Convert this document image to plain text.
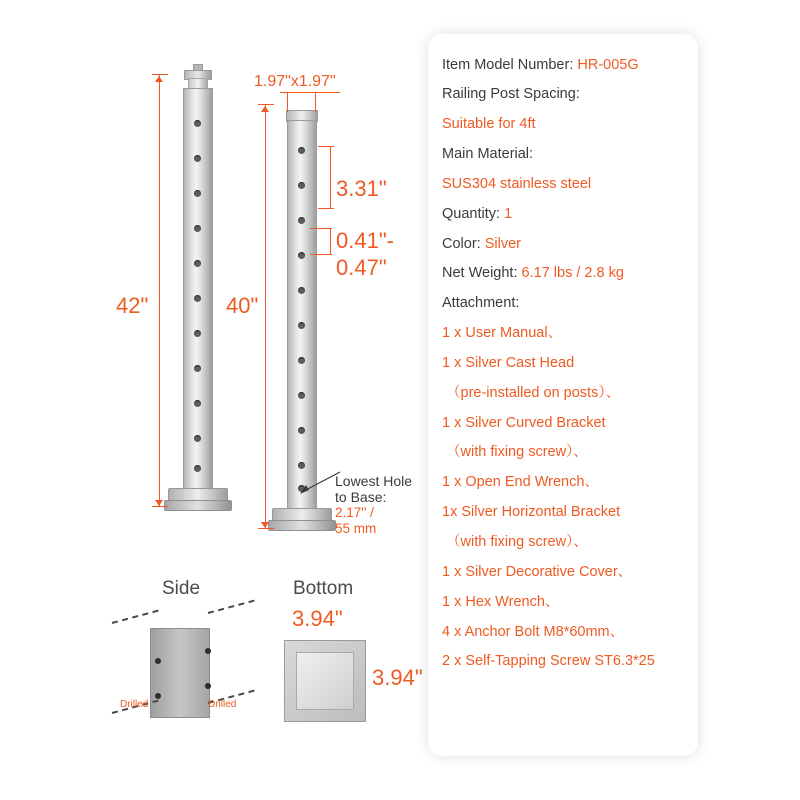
42"	40"
1.97"x1.97"
3.31"
0.41"-
0.47"
Lowest Hole
to Base:
2.17'' /
55 mm
Side
Drilled	Drilled
Bottom
3.94"
3.94"
Item Model Number: HR-005G
Railing Post Spacing:
Suitable for 4ft
Main Material:
SUS304 stainless steel
Quantity: 1
Color: Silver
Net Weight: 6.17 lbs / 2.8 kg
Attachment:
1 x User Manual、
1 x Silver Cast Head
（pre-installed on posts）、
1 x Silver Curved Bracket
（with fixing screw）、
1 x Open End Wrench、
1x Silver Horizontal Bracket
（with fixing screw）、
1 x Silver Decorative Cover、
1 x Hex Wrench、
4 x Anchor Bolt M8*60mm、
2 x Self-Tapping Screw ST6.3*25
